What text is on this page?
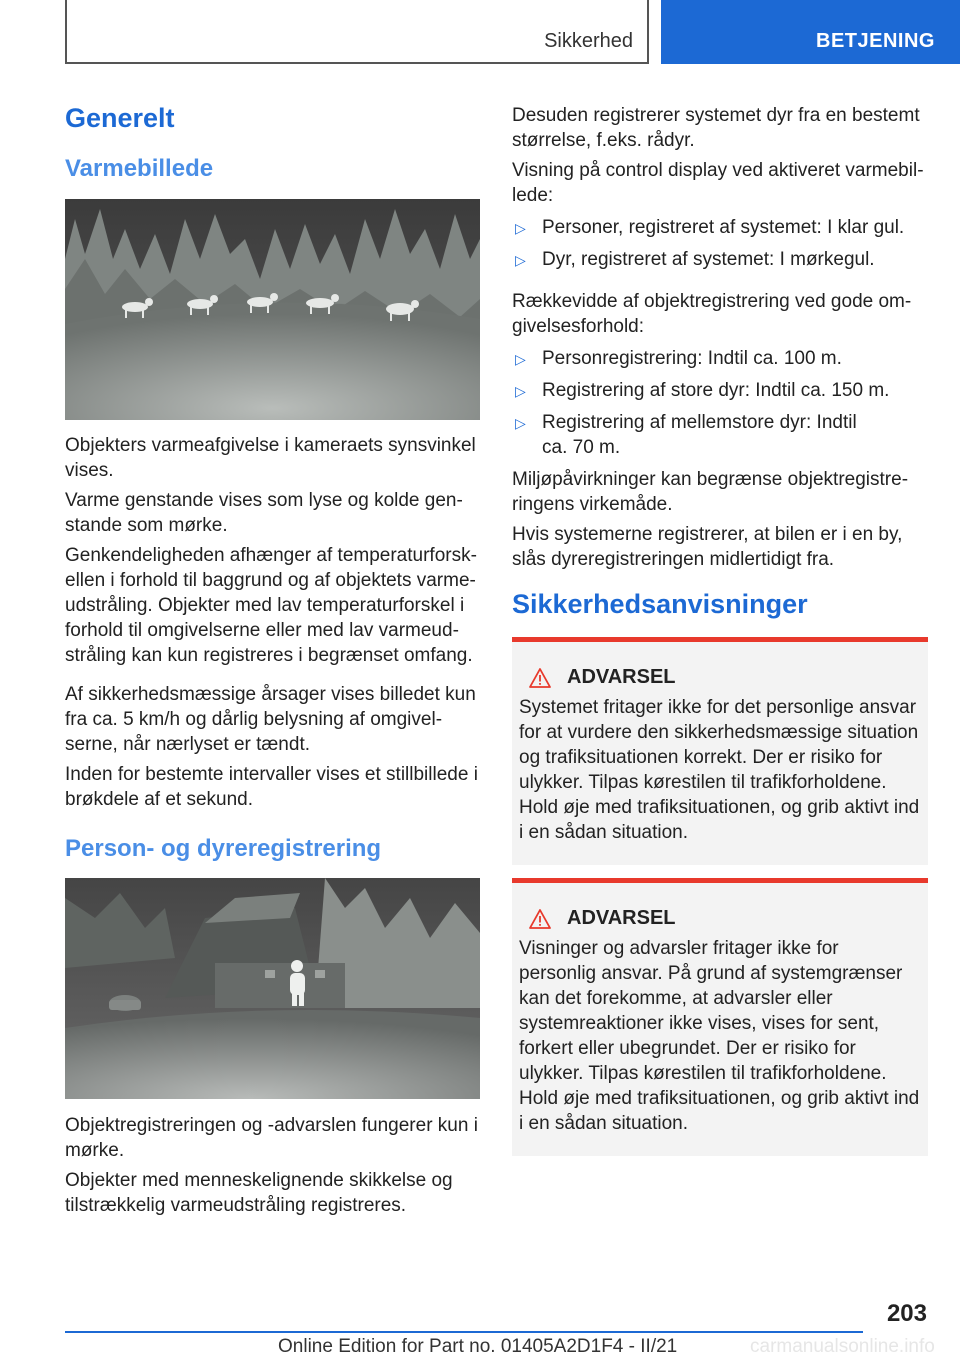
Sikkerhed	BETJENING
Generelt
Varmebillede

Objekters varmeafgivelse i kameraets synsvinkel vises.

Varme genstande vises som lyse og kolde genstande som mørke.

Genkendeligheden afhænger af temperaturforskellen i forhold til baggrund og af objektets varmeudstråling. Objekter med lav temperaturforskel i forhold til omgivelserne eller med lav varmeudstråling kan kun registreres i begrænset omfang.

Af sikkerhedsmæssige årsager vises billedet kun fra ca. 5 km/h og dårlig belysning af omgivelserne, når nærlyset er tændt.

Inden for bestemte intervaller vises et stillbillede i brøkdele af et sekund.

Person- og dyreregistrering

Objektregistreringen og -advarslen fungerer kun i mørke.

Objekter med menneskelignende skikkelse og tilstrækkelig varmeudstråling registreres.

Desuden registrerer systemet dyr fra en bestemt størrelse, f.eks. rådyr.

Visning på control display ved aktiveret varmebillede:

▷ Personer, registreret af systemet: I klar gul.
▷ Dyr, registreret af systemet: I mørkegul.

Rækkevidde af objektregistrering ved gode omgivelsesforhold:

▷ Personregistrering: Indtil ca. 100 m.
▷ Registrering af store dyr: Indtil ca. 150 m.
▷ Registrering af mellemstore dyr: Indtil ca. 70 m.

Miljøpåvirkninger kan begrænse objektregistreringens virkemåde.

Hvis systemerne registrerer, at bilen er i en by, slås dyreregistreringen midlertidigt fra.

Sikkerhedsanvisninger
ADVARSEL

Systemet fritager ikke for det personlige ansvar for at vurdere den sikkerhedsmæssige situation og trafiksituationen korrekt. Der er risiko for ulykker. Tilpas kørestilen til trafikforholdene. Hold øje med trafiksituationen, og grib aktivt ind i en sådan situation.

ADVARSEL

Visninger og advarsler fritager ikke for personlig ansvar. På grund af systemgrænser kan det forekomme, at advarsler eller systemreaktioner ikke vises, vises for sent, forkert eller ubegrundet. Der er risiko for ulykker. Tilpas kørestilen til trafikforholdene. Hold øje med trafiksituationen, og grib aktivt ind i en sådan situation.

203
Online Edition for Part no. 01405A2D1F4 - II/21	carmanualsonline.info
